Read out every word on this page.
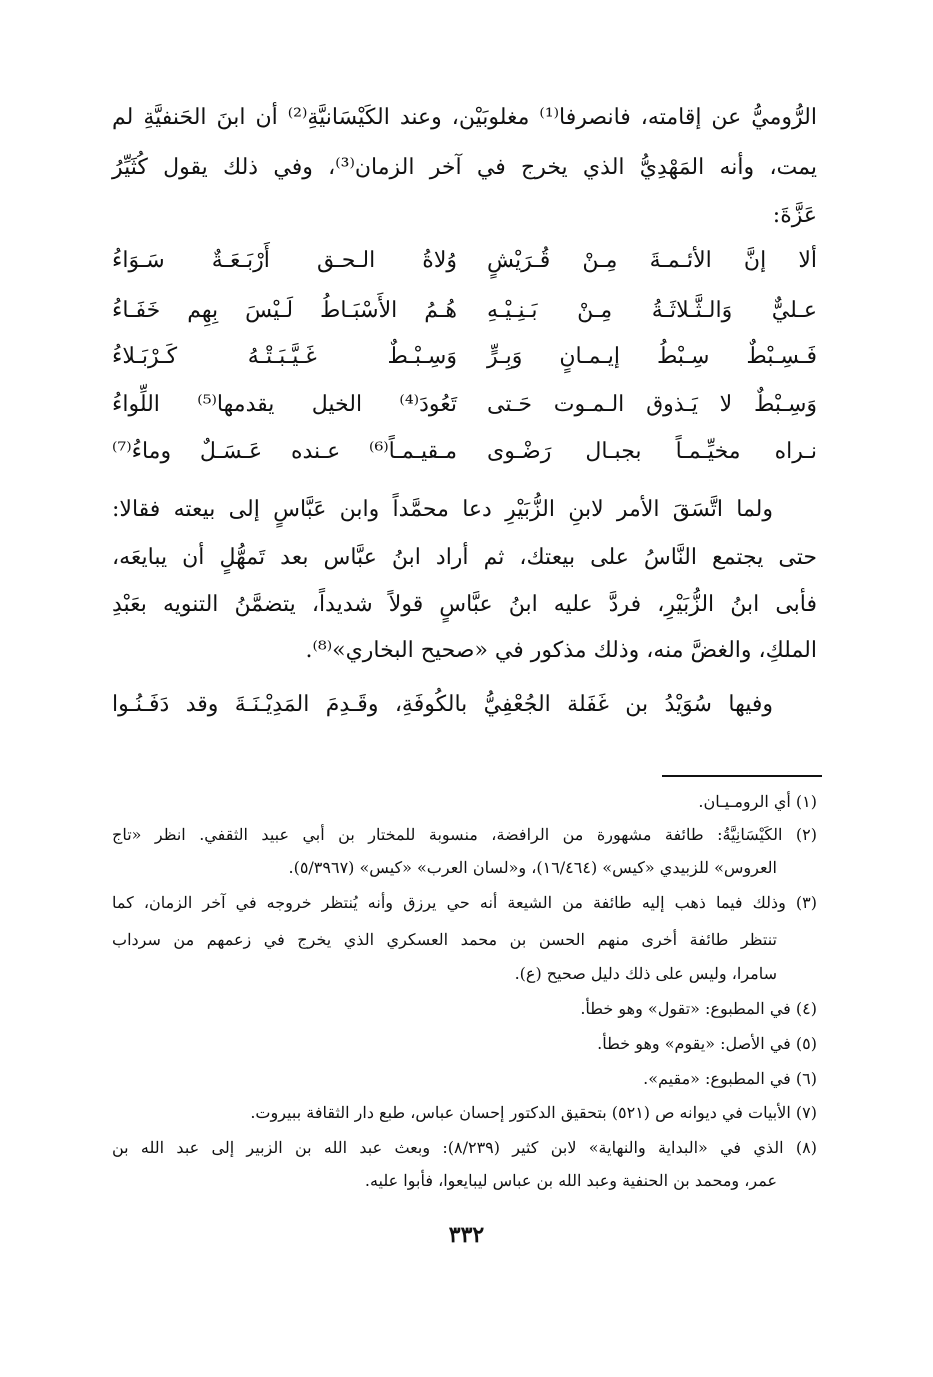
الرُّوميُّ عن إقامته، فانصرفا⁽¹⁾ مغلوبَيْن، وعند الكَيْسَانيَّةِ⁽²⁾ أن ابنَ الحَنفيَّةِ لم
يمت، وأنه المَهْدِيُّ الذي يخرج في آخر الزمان⁽³⁾، وفي ذلك يقول كُثَيِّرُ
عَزَّةَ:
ألا إنَّ الأئـمـةَ مِـنْ قُـرَيْشٍ
وُلاةُ الـحـق أَرْبَـعَـةٌ سَـوَاءُ
عـليٌّ وَالـثَّـلاثَـةُ مِـنْ بَـنِـيْـهِ
هُـمُ الأَسْبَـاطُ لَـيْسَ بِهِم خَفَـاءُ
فَـسِـبْطٌ سِـبْطُ إيـمـانٍ وَبِـرٍّ
وَسِـبْـطٌ غَـيَّـبَـتْـهُ كَـرْبَـلاءُ
وَسِـبْطٌ لا يَـذوق الـمـوت حَـتى
تَعُودَ⁽⁴⁾ الخيل يقدمها⁽⁵⁾ اللِّواءُ
نـراه مخيِّـمـاً بجبـال رَضْـوى
مـقيـمـاً⁽⁶⁾ عـنده عَـسَـلٌ وماءُ⁽⁷⁾
ولما اتَّسَقَ الأمر لابنِ الزُّبَيْرِ دعا محمَّداً وابن عَبَّاسٍ إلى بيعته فقالا:
حتى يجتمع النَّاسُ على بيعتك، ثم أراد ابنُ عبَّاس بعد تَمهُّلٍ أن يبايعَه،
فأبى ابنُ الزُّبَيْرِ، فردَّ عليه ابنُ عبَّاسٍ قولاً شديداً، يتضمَّنُ التنويه بعَبْدِ
الملكِ، والغضَّ منه، وذلك مذكور في «صحيح البخاري»⁽⁸⁾.
وفيها سُوَيْدُ بن غَفَلة الجُعْفِيُّ بالكُوفَةِ، وقَـدِمَ المَدِيْـنَـةَ وقد دَفَـنُـوا
(١) أي الرومـيـان.
(٢) الكَيْسَانِيَّةُ: طائفة مشهورة من الرافضة، منسوبة للمختار بن أبي عبيد الثقفي. انظر «تاج
العروس» للزبيدي «كيس» (١٦/٤٦٤)، و«لسان العرب» «كيس» (٥/٣٩٦٧).
(٣) وذلك فيما ذهب إليه طائفة من الشيعة أنه حي يرزق وأنه يُنتظر خروجه في آخر الزمان، كما
تنتظر طائفة أخرى منهم الحسن بن محمد العسكري الذي يخرج في زعمهم من سرداب
سامرا، وليس على ذلك دليل صحيح (ع).
(٤) في المطبوع: «تقول» وهو خطأ.
(٥) في الأصل: «يقوم» وهو خطأ.
(٦) في المطبوع: «مقيم».
(٧) الأبيات في ديوانه ص (٥٢١) بتحقيق الدكتور إحسان عباس، طبع دار الثقافة ببيروت.
(٨) الذي في «البداية والنهاية» لابن كثير (٨/٢٣٩): وبعث عبد الله بن الزبير إلى عبد الله بن
عمر، ومحمد بن الحنفية وعبد الله بن عباس ليبايعوا، فأبوا عليه.
٣٣٢
